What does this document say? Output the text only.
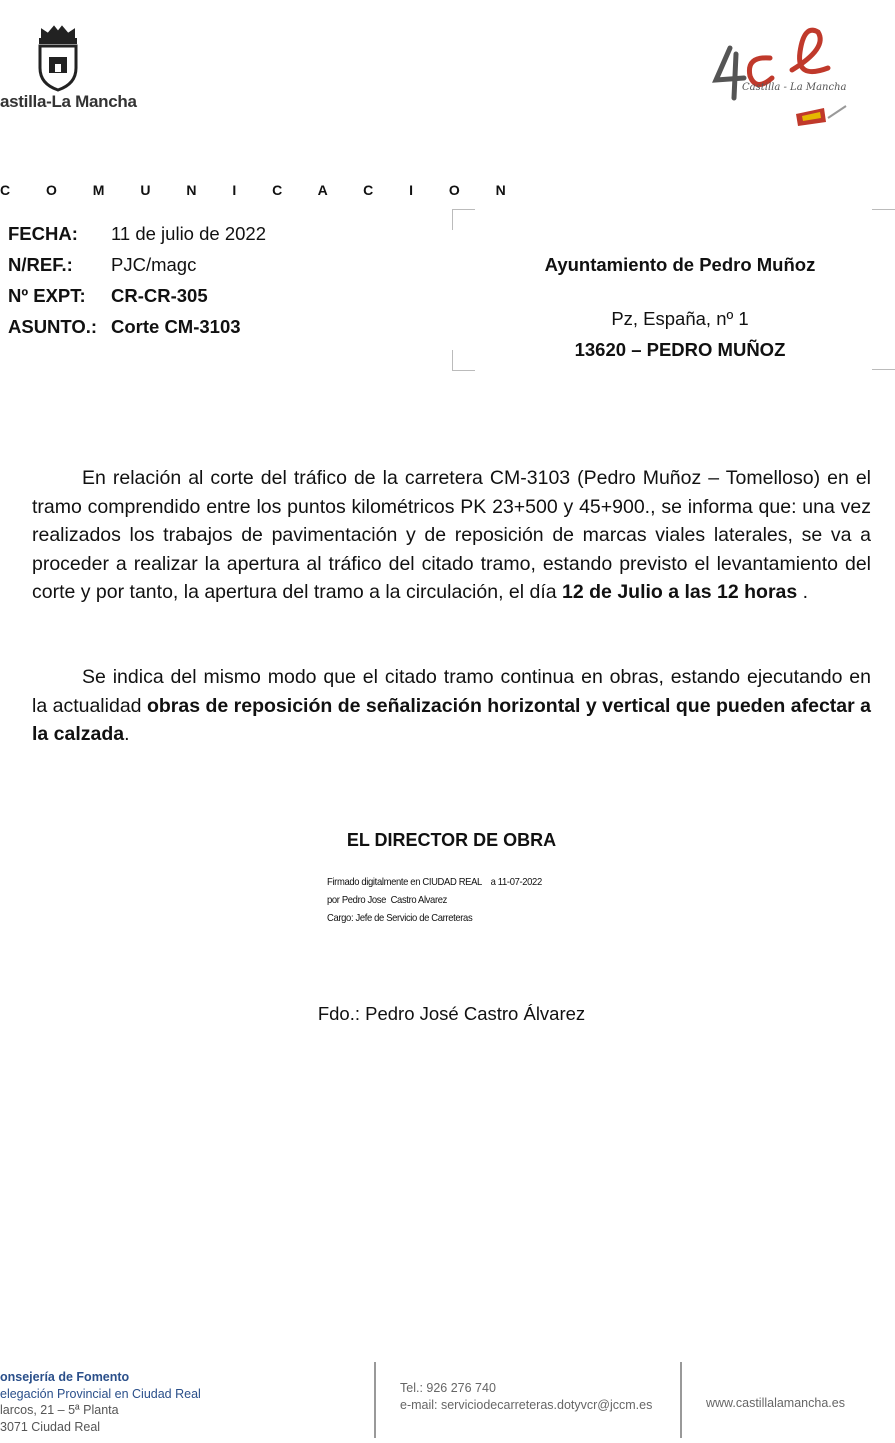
astilla-La Mancha
Castilla - La Mancha
C O M U N I C A C I O N
FECHA:	11 de julio de 2022
N/REF.:	PJC/magc
Nº EXPT:	CR-CR-305
ASUNTO.: Corte CM-3103
Ayuntamiento de Pedro Muñoz
Pz, España, nº 1
13620 – PEDRO MUÑOZ
En relación al corte del tráfico de la carretera CM-3103 (Pedro Muñoz – Tomelloso) en el tramo comprendido entre los puntos kilométricos PK 23+500 y 45+900., se informa que: una vez realizados los trabajos de pavimentación y de reposición de marcas viales laterales, se va a proceder a realizar la apertura al tráfico del citado tramo, estando previsto el levantamiento del corte y por tanto, la apertura del tramo a la circulación, el día 12 de Julio a las 12 horas .
Se indica del mismo modo que el citado tramo continua en obras, estando ejecutando en la actualidad obras de reposición de señalización horizontal y vertical que pueden afectar a la calzada.
EL DIRECTOR DE OBRA
Firmado digitalmente en CIUDAD REAL    a 11-07-2022
por Pedro Jose  Castro Alvarez
Cargo: Jefe de Servicio de Carreteras
Fdo.: Pedro José Castro Álvarez
onsejería de Fomento
elegación Provincial en Ciudad Real
larcos, 21 – 5ª Planta
3071 Ciudad Real
Tel.: 926 276 740
e-mail: serviciodecarreteras.dotyvcr@jccm.es	www.castillalamancha.es
